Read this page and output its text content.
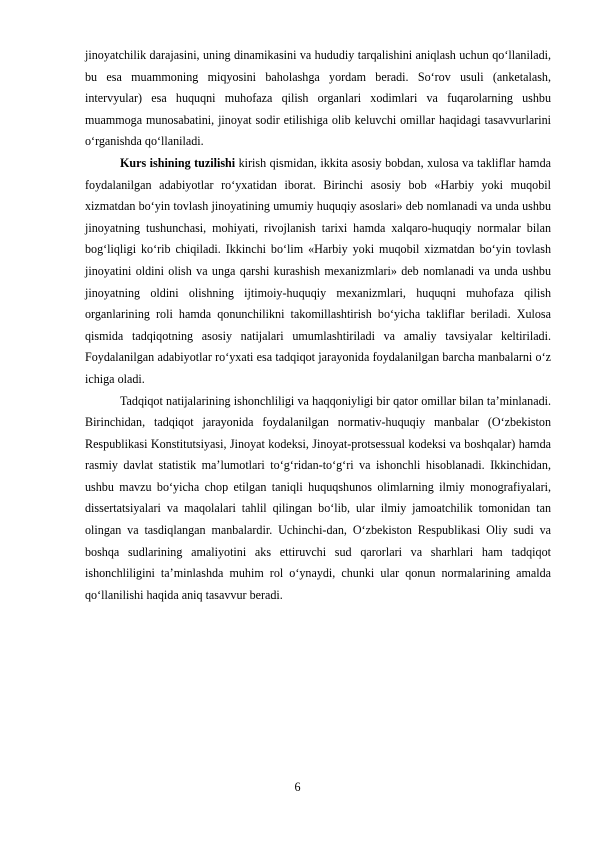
jinoyatchilik darajasini, uning dinamikasini va hududiy tarqalishini aniqlash uchun qo‘llaniladi, bu esa muammoning miqyosini baholashga yordam beradi. So‘rov usuli (anketalash, intervyular) esa huquqni muhofaza qilish organlari xodimlari va fuqarolarning ushbu muammoga munosabatini, jinoyat sodir etilishiga olib keluvchi omillar haqidagi tasavvurlarini o‘rganishda qo‘llaniladi.

Kurs ishining tuzilishi kirish qismidan, ikkita asosiy bobdan, xulosa va takliflar hamda foydalanilgan adabiyotlar ro‘yxatidan iborat. Birinchi asosiy bob «Harbiy yoki muqobil xizmatdan bo‘yin tovlash jinoyatining umumiy huquqiy asoslari» deb nomlanadi va unda ushbu jinoyatning tushunchasi, mohiyati, rivojlanish tarixi hamda xalqaro-huquqiy normalar bilan bog‘liqligi ko‘rib chiqiladi. Ikkinchi bo‘lim «Harbiy yoki muqobil xizmatdan bo‘yin tovlash jinoyatini oldini olish va unga qarshi kurashish mexanizmlari» deb nomlanadi va unda ushbu jinoyatning oldini olishning ijtimoiy-huquqiy mexanizmlari, huquqni muhofaza qilish organlarining roli hamda qonunchilikni takomillashtirish bo‘yicha takliflar beriladi. Xulosa qismida tadqiqotning asosiy natijalari umumlashtiriladi va amaliy tavsiyalar keltiriladi. Foydalanilgan adabiyotlar ro‘yxati esa tadqiqot jarayonida foydalanilgan barcha manbalarni o‘z ichiga oladi.

Tadqiqot natijalarining ishonchliligi va haqqoniyligi bir qator omillar bilan ta’minlanadi. Birinchidan, tadqiqot jarayonida foydalanilgan normativ-huquqiy manbalar (O‘zbekiston Respublikasi Konstitutsiyasi, Jinoyat kodeksi, Jinoyat-protsessual kodeksi va boshqalar) hamda rasmiy davlat statistik ma’lumotlari to‘g‘ridan-to‘g‘ri va ishonchli hisoblanadi. Ikkinchidan, ushbu mavzu bo‘yicha chop etilgan taniqli huquqshunos olimlarning ilmiy monografiyalari, dissertatsiyalari va maqolalari tahlil qilingan bo‘lib, ular ilmiy jamoatchilik tomonidan tan olingan va tasdiqlangan manbalardir. Uchinchi-dan, O‘zbekiston Respublikasi Oliy sudi va boshqa sudlarining amaliyotini aks ettiruvchi sud qarorlari va sharhlari ham tadqiqot ishonchliligini ta’minlashda muhim rol o‘ynaydi, chunki ular qonun normalarining amalda qo‘llanilishi haqida aniq tasavvur beradi.

6
